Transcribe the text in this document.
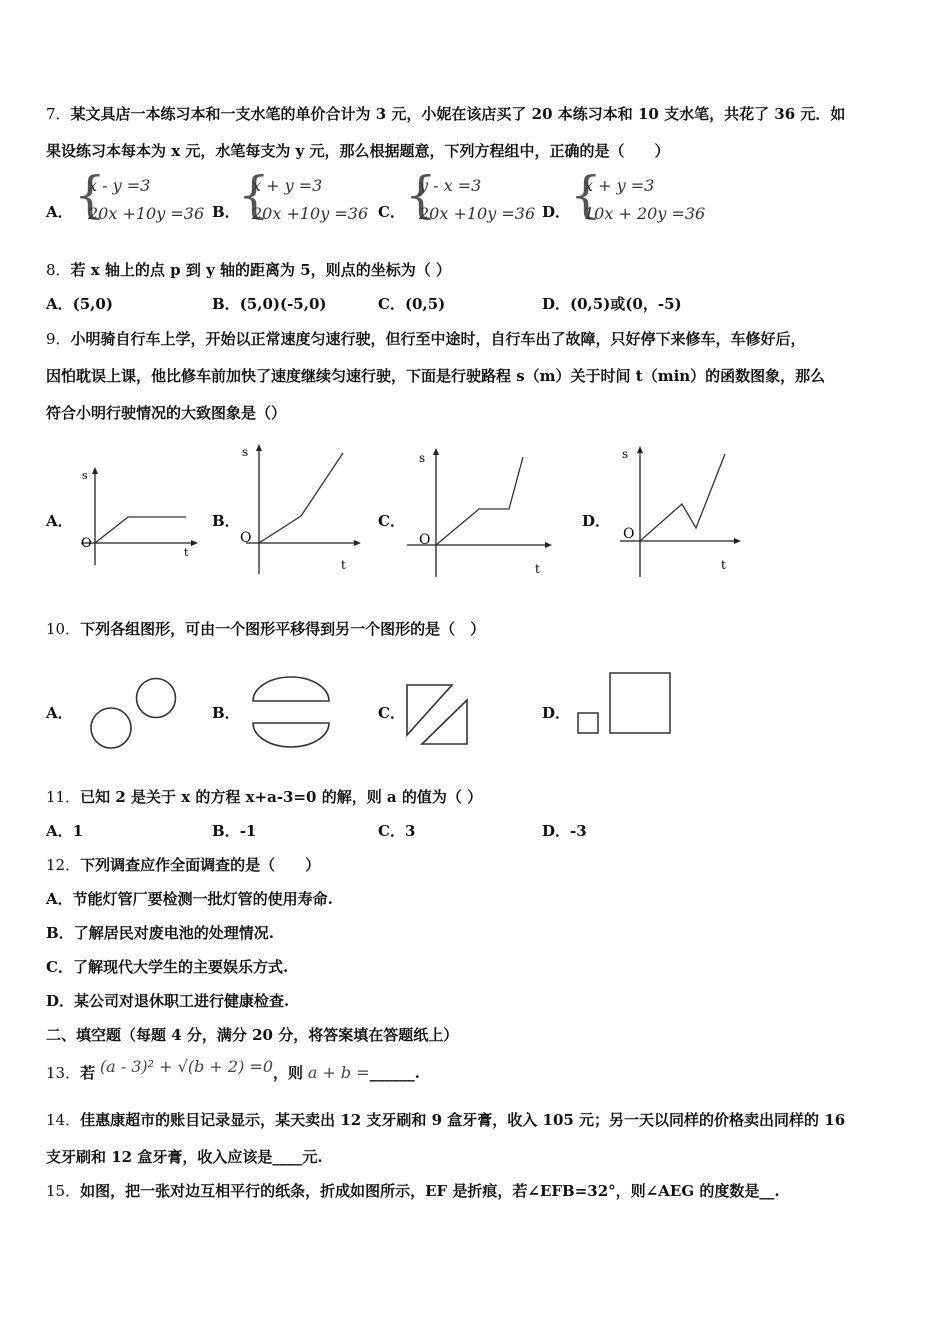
7．某文具店一本练习本和一支水笔的单价合计为 3 元，小妮在该店买了 20 本练习本和 10 支水笔，共花了 36 元．如
果设练习本每本为 x 元，水笔每支为 y 元，那么根据题意，下列方程组中，正确的是（　　）
A． {
x - y =3
20x +10y =36 B．
{
x + y =3
20x +10y =36 C． {
y - x =3
20x +10y =36 D． {
x + y =3
10x + 20y =36
8．若 x 轴上的点 p 到 y 轴的距离为 5，则点的坐标为（ ）
A．(5,0)	B．(5,0)(-5,0)	C．(0,5)	D．(0,5)或(0，-5)
9．小明骑自行车上学，开始以正常速度匀速行驶，但行至中途时，自行车出了故障，只好停下来修车，车修好后，
因怕耽误上课，他比修车前加快了速度继续匀速行驶，下面是行驶路程 s（m）关于时间 t（min）的函数图象，那么
符合小明行驶情况的大致图象是（）
A．
s
t
O
B．
s
t
O
C．
s
t
O
D．
s
t
O
10．下列各组图形，可由一个图形平移得到另一个图形的是（　）
A．	B．	C．	D．
11．已知 2 是关于 x 的方程 x+a-3=0 的解，则 a 的值为（ ）
A．1	B．-1	C．3	D．-3
12．下列调查应作全面调查的是（　　）
A．节能灯管厂要检测一批灯管的使用寿命.
B．了解居民对废电池的处理情况.
C．了解现代大学生的主要娱乐方式.
D．某公司对退休职工进行健康检查.
二、填空题（每题 4 分，满分 20 分，将答案填在答题纸上）
13．若 (a - 3)² + √(b + 2) =0，则 a + b =______.
14．佳惠康超市的账目记录显示，某天卖出 12 支牙刷和 9 盒牙膏，收入 105 元；另一天以同样的价格卖出同样的 16
支牙刷和 12 盒牙膏，收入应该是____元.
15．如图，把一张对边互相平行的纸条，折成如图所示，EF 是折痕，若∠EFB=32°，则∠AEG 的度数是__.
